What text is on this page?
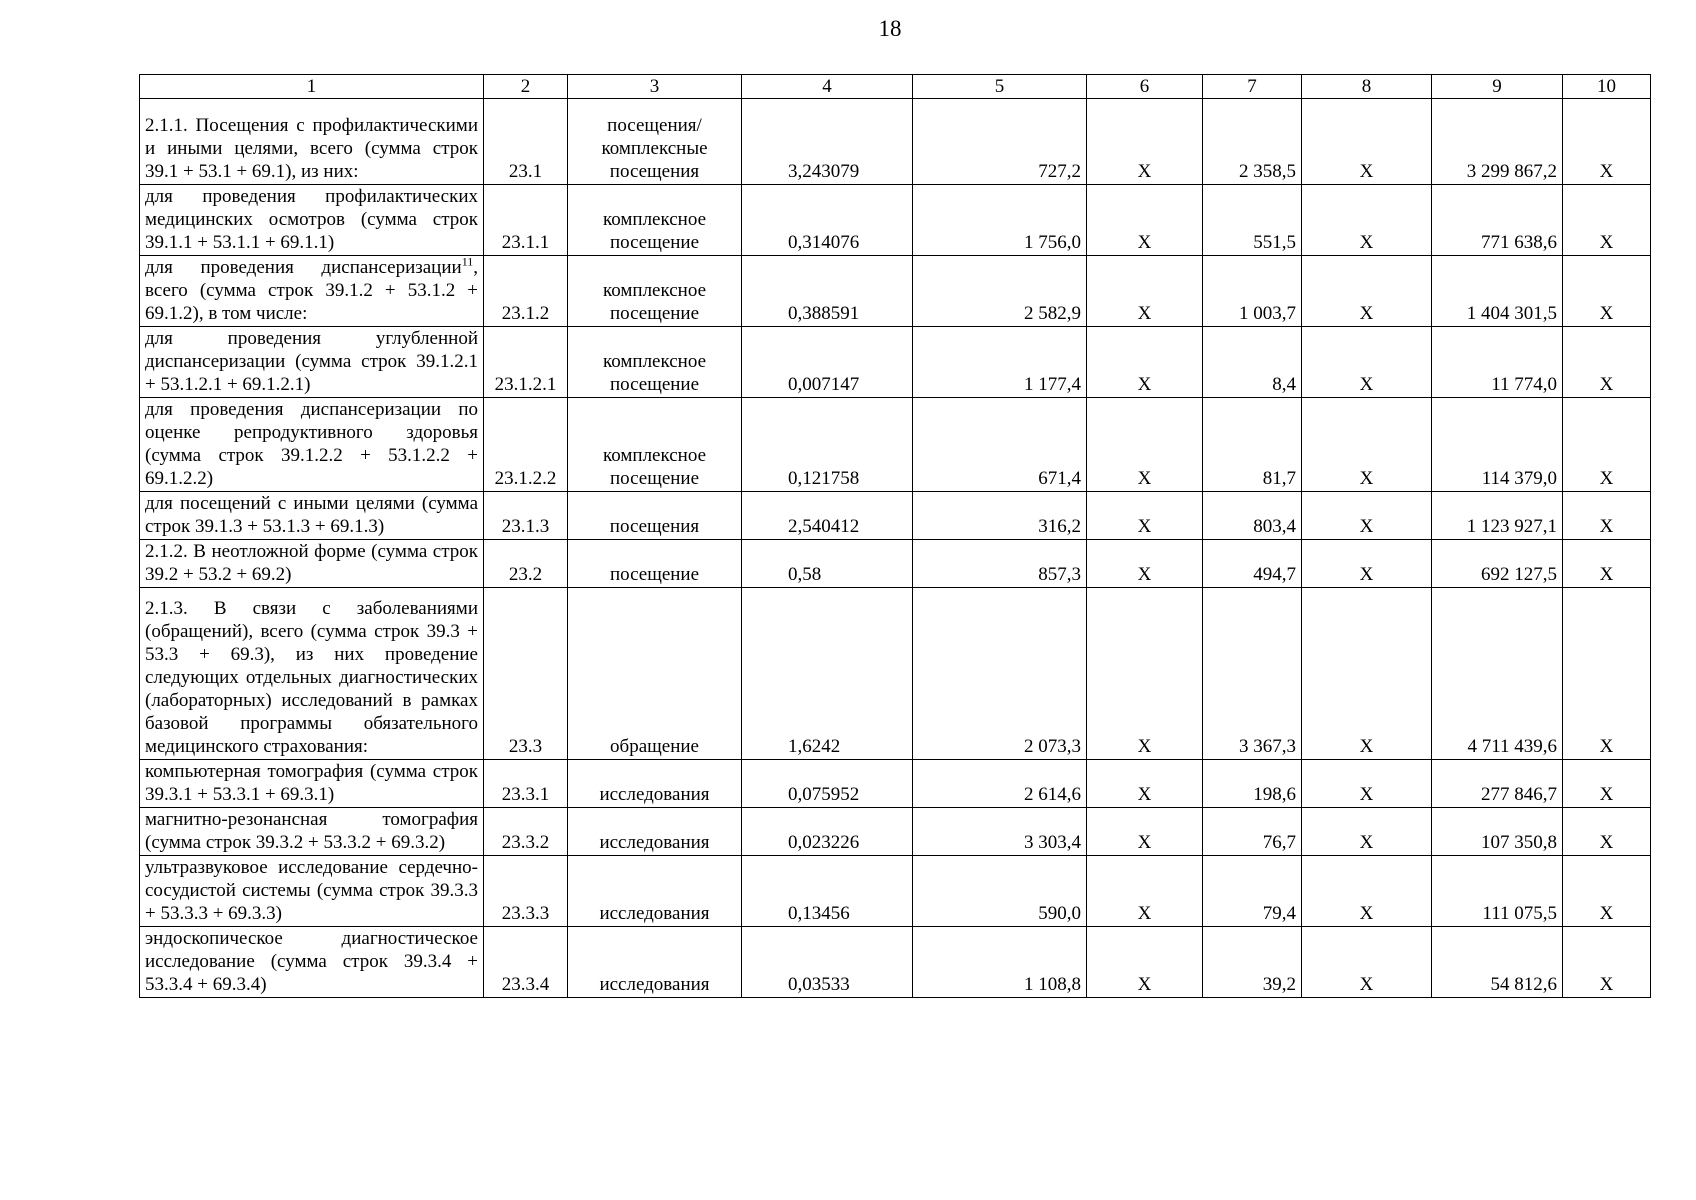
18
1	2	3	4	5	6	7	8	9	10
2.1.1. Посещения с профилактическими и иными целями, всего (сумма строк 39.1 + 53.1 + 69.1), из них:	23.1	посещения/ комплексные посещения	3,243079	727,2	X	2 358,5	X	3 299 867,2	X
для проведения профилактических медицинских осмотров (сумма строк 39.1.1 + 53.1.1 + 69.1.1)	23.1.1	комплексное посещение	0,314076	1 756,0	X	551,5	X	771 638,6	X
для проведения диспансеризации$^{11}$, всего (сумма строк 39.1.2 + 53.1.2 + 69.1.2), в том числе:	23.1.2	комплексное посещение	0,388591	2 582,9	X	1 003,7	X	1 404 301,5	X
для проведения углубленной диспансеризации (сумма строк 39.1.2.1 + 53.1.2.1 + 69.1.2.1)	23.1.2.1	комплексное посещение	0,007147	1 177,4	X	8,4	X	11 774,0	X
для проведения диспансеризации по оценке репродуктивного здоровья (сумма строк 39.1.2.2 + 53.1.2.2 + 69.1.2.2)	23.1.2.2	комплексное посещение	0,121758	671,4	X	81,7	X	114 379,0	X
для посещений с иными целями (сумма строк 39.1.3 + 53.1.3 + 69.1.3)	23.1.3	посещения	2,540412	316,2	X	803,4	X	1 123 927,1	X
2.1.2. В неотложной форме (сумма строк 39.2 + 53.2 + 69.2)	23.2	посещение	0,58	857,3	X	494,7	X	692 127,5	X
2.1.3. В связи с заболеваниями (обращений), всего (сумма строк 39.3 + 53.3 + 69.3), из них проведение следующих отдельных диагностических (лабораторных) исследований в рамках базовой программы обязательного медицинского страхования:	23.3	обращение	1,6242	2 073,3	X	3 367,3	X	4 711 439,6	X
компьютерная томография (сумма строк 39.3.1 + 53.3.1 + 69.3.1)	23.3.1	исследования	0,075952	2 614,6	X	198,6	X	277 846,7	X
магнитно-резонансная томография (сумма строк 39.3.2 + 53.3.2 + 69.3.2)	23.3.2	исследования	0,023226	3 303,4	X	76,7	X	107 350,8	X
ультразвуковое исследование сердечно-сосудистой системы (сумма строк 39.3.3 + 53.3.3 + 69.3.3)	23.3.3	исследования	0,13456	590,0	X	79,4	X	111 075,5	X
эндоскопическое диагностическое исследование (сумма строк 39.3.4 + 53.3.4 + 69.3.4)	23.3.4	исследования	0,03533	1 108,8	X	39,2	X	54 812,6	X
